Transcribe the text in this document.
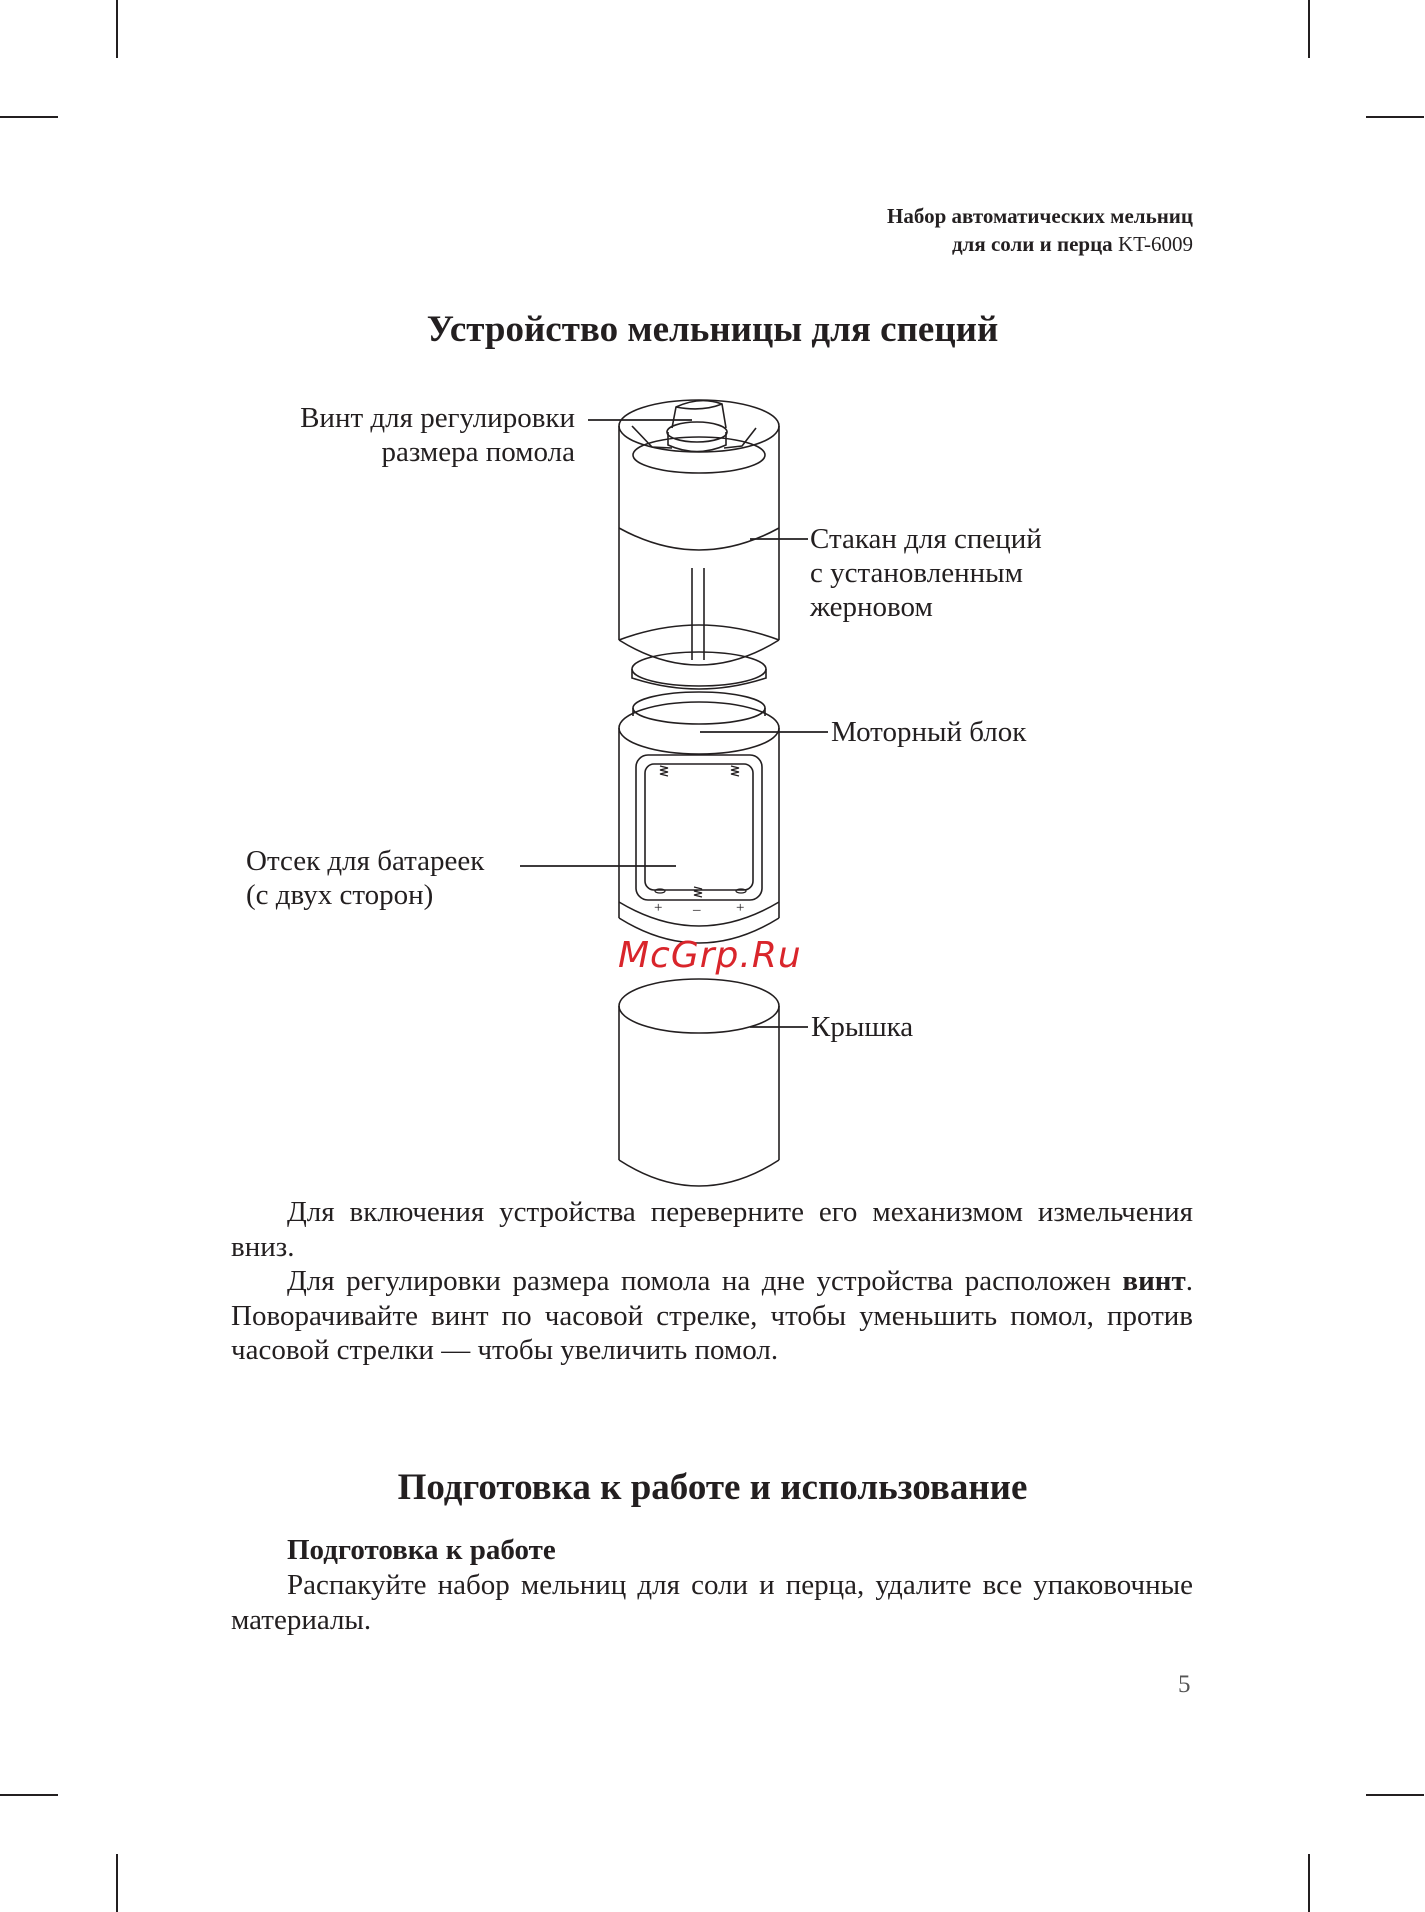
Набор автоматических мельниц
для соли и перца KT-6009
Устройство мельницы для специй
+ – +
Винт для регулировки
размера помола
Стакан для специй
с установленным
жерновом
Моторный блок
Отсек для батареек
(с двух сторон)
Крышка
McGrp.Ru

Для включения устройства переверните его механизмом измельчения вниз.

Для регулировки размера помола на дне устройства расположен винт. Поворачивайте винт по часовой стрелке, чтобы уменьшить помол, против часовой стрелки — чтобы увеличить помол.

Подготовка к работе и использование
Подготовка к работе

Распакуйте набор мельниц для соли и перца, удалите все упаковочные материалы.

5
